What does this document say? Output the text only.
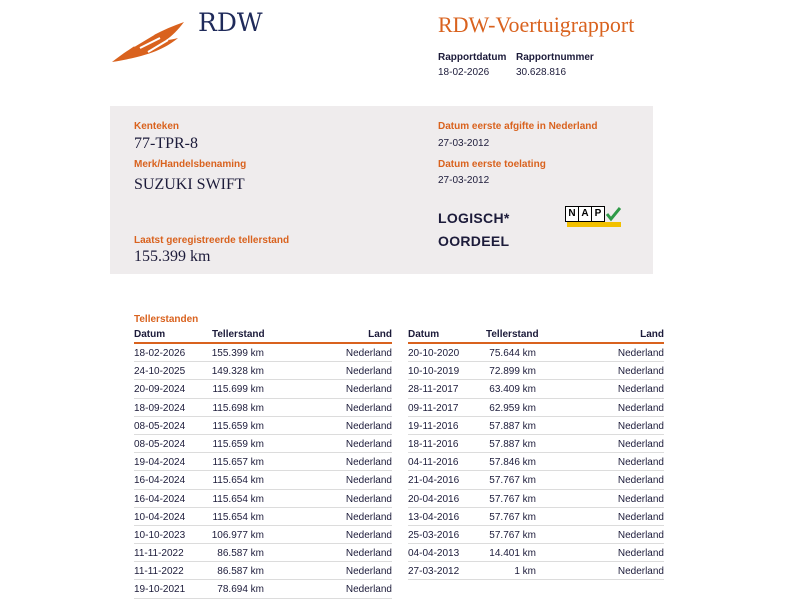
RDW	RDW-Voertuigrapport
Rapportdatum
18-02-2026
Rapportnummer
30.628.816
Kenteken
77-TPR-8
Merk/Handelsbenaming
SUZUKI SWIFT
Laatst geregistreerde tellerstand
155.399 km
Datum eerste afgifte in Nederland
27-03-2012
Datum eerste toelating
27-03-2012
LOGISCH*
OORDEEL
N A P
Tellerstanden
Datum	Tellerstand	Land
18-02-2026	155.399 km	Nederland
24-10-2025	149.328 km	Nederland
20-09-2024	115.699 km	Nederland
18-09-2024	115.698 km	Nederland
08-05-2024	115.659 km	Nederland
08-05-2024	115.659 km	Nederland
19-04-2024	115.657 km	Nederland
16-04-2024	115.654 km	Nederland
16-04-2024	115.654 km	Nederland
10-04-2024	115.654 km	Nederland
10-10-2023	106.977 km	Nederland
11-11-2022	86.587 km	Nederland
11-11-2022	86.587 km	Nederland
19-10-2021	78.694 km	Nederland
Datum	Tellerstand	Land
20-10-2020	75.644 km	Nederland
10-10-2019	72.899 km	Nederland
28-11-2017	63.409 km	Nederland
09-11-2017	62.959 km	Nederland
19-11-2016	57.887 km	Nederland
18-11-2016	57.887 km	Nederland
04-11-2016	57.846 km	Nederland
21-04-2016	57.767 km	Nederland
20-04-2016	57.767 km	Nederland
13-04-2016	57.767 km	Nederland
25-03-2016	57.767 km	Nederland
04-04-2013	14.401 km	Nederland
27-03-2012	1 km	Nederland
